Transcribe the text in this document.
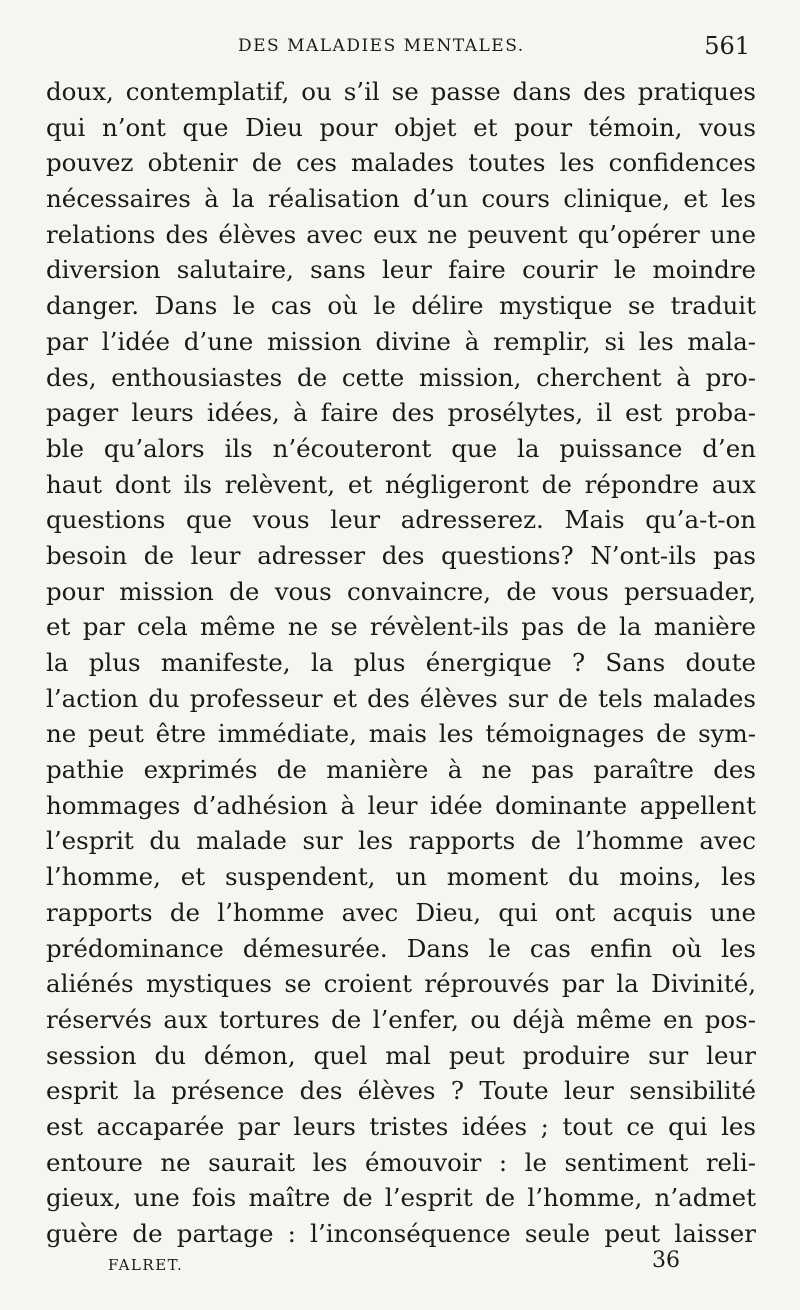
DES MALADIES MENTALES.	561
doux, contemplatif, ou s’il se passe dans des pratiques
qui n’ont que Dieu pour objet et pour témoin, vous
pouvez obtenir de ces malades toutes les confidences
nécessaires à la réalisation d’un cours clinique, et les
relations des élèves avec eux ne peuvent qu’opérer une
diversion salutaire, sans leur faire courir le moindre
danger. Dans le cas où le délire mystique se traduit
par l’idée d’une mission divine à remplir, si les mala-
des, enthousiastes de cette mission, cherchent à pro-
pager leurs idées, à faire des prosélytes, il est proba-
ble qu’alors ils n’écouteront que la puissance d’en
haut dont ils relèvent, et négligeront de répondre aux
questions que vous leur adresserez. Mais qu’a-t-on
besoin de leur adresser des questions? N’ont-ils pas
pour mission de vous convaincre, de vous persuader,
et par cela même ne se révèlent-ils pas de la manière
la plus manifeste, la plus énergique ? Sans doute
l’action du professeur et des élèves sur de tels malades
ne peut être immédiate, mais les témoignages de sym-
pathie exprimés de manière à ne pas paraître des
hommages d’adhésion à leur idée dominante appellent
l’esprit du malade sur les rapports de l’homme avec
l’homme, et suspendent, un moment du moins, les
rapports de l’homme avec Dieu, qui ont acquis une
prédominance démesurée. Dans le cas enfin où les
aliénés mystiques se croient réprouvés par la Divinité,
réservés aux tortures de l’enfer, ou déjà même en pos-
session du démon, quel mal peut produire sur leur
esprit la présence des élèves ? Toute leur sensibilité
est accaparée par leurs tristes idées ; tout ce qui les
entoure ne saurait les émouvoir : le sentiment reli-
gieux, une fois maître de l’esprit de l’homme, n’admet
guère de partage : l’inconséquence seule peut laisser
FALRET.	36
